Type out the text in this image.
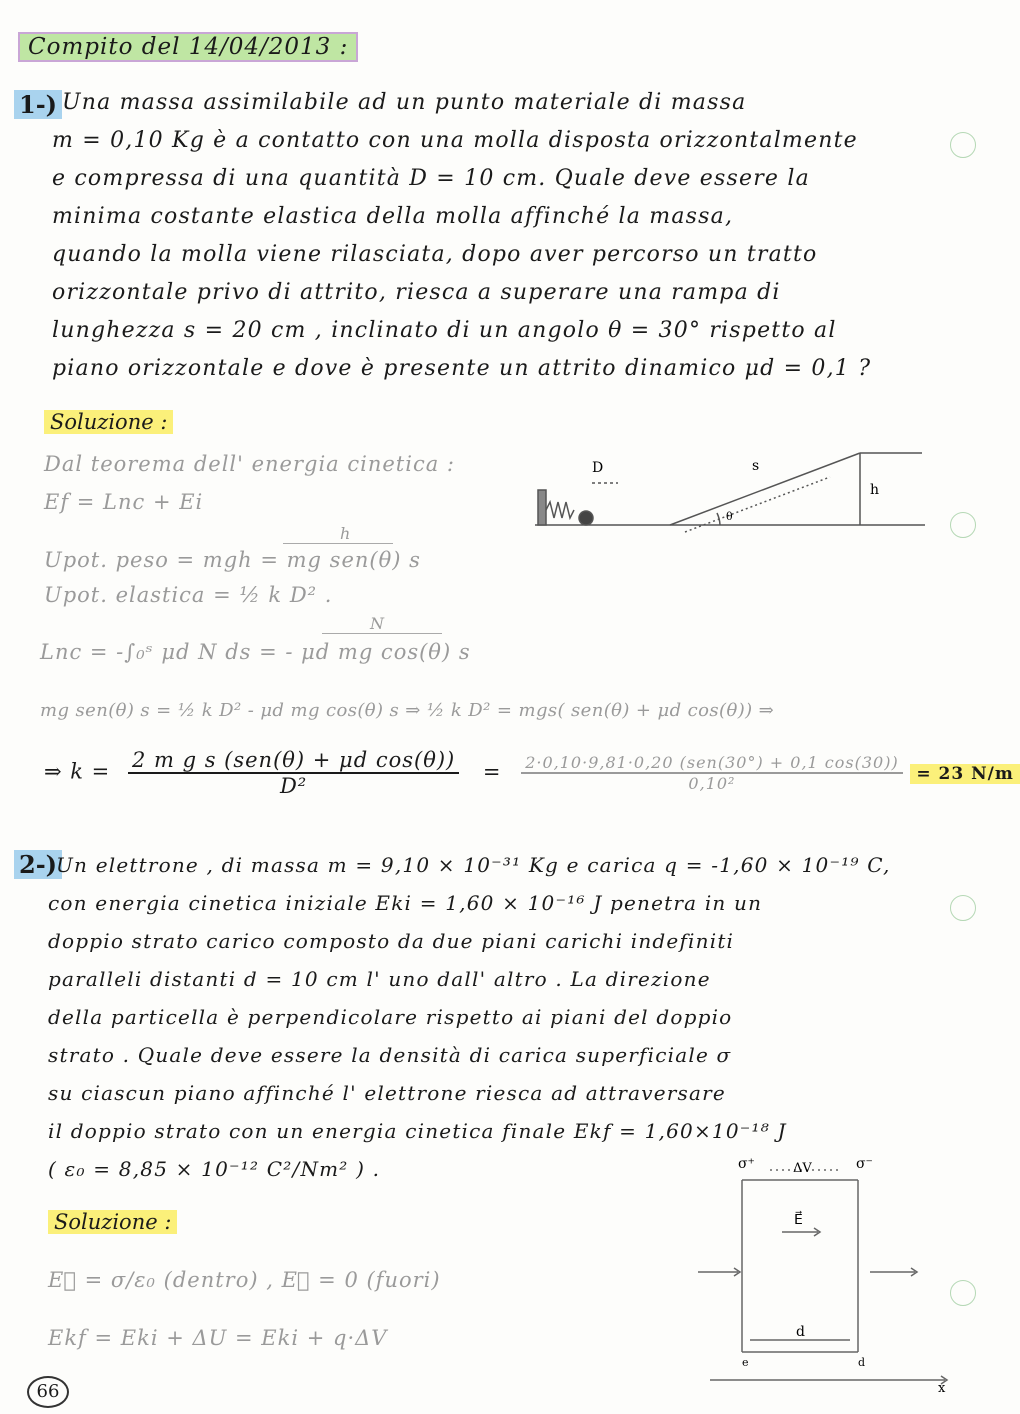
Compito del 14/04/2013 :
1-) Una massa assimilabile ad un punto materiale di massa
m = 0,10 Kg è a contatto con una molla disposta orizzontalmente
e compressa di una quantità D = 10 cm. Quale deve essere la
minima costante elastica della molla affinché la massa,
quando la molla viene rilasciata, dopo aver percorso un tratto
orizzontale privo di attrito, riesca a superare una rampa di
lunghezza s = 20 cm , inclinato di un angolo θ = 30° rispetto al
piano orizzontale e dove è presente un attrito dinamico μd = 0,1 ?
Soluzione :
Dal teorema dell' energia cinetica :
Ef = Lnc + Ei
D	s
h
θ
h
Upot. peso = mgh = mg sen(θ) s
Upot. elastica = ½ k D² .
N
Lnc = -∫₀ˢ μd N ds = - μd mg cos(θ) s
mg sen(θ) s = ½ k D² - μd mg cos(θ) s ⇒ ½ k D² = mgs( sen(θ) + μd cos(θ)) ⇒
⇒ $k = \frac{\text{2 m g s (sen(θ) + μd cos(θ))}}{\text{D²}} = \frac{\text{2·0,10·9,81·0,20 (sen(30°) + 0,1 cos(30))}}{\text{0,10²}} = 23$ N/m
2-)
Un elettrone , di massa m = 9,10 × 10⁻³¹ Kg e carica q = -1,60 × 10⁻¹⁹ C,
con energia cinetica iniziale Eki = 1,60 × 10⁻¹⁶ J penetra in un
doppio strato carico composto da due piani carichi indefiniti
paralleli distanti d = 10 cm l' uno dall' altro . La direzione
della particella è perpendicolare rispetto ai piani del doppio
strato . Quale deve essere la densità di carica superficiale σ
su ciascun piano affinché l' elettrone riesca ad attraversare
il doppio strato con un energia cinetica finale Ekf = 1,60×10⁻¹⁸ J
( ε₀ = 8,85 × 10⁻¹² C²/Nm² ) .
Soluzione :
E⃗ = σ/ε₀ (dentro) , E⃗ = 0 (fuori)
Ekf = Eki + ΔU = Eki + q·ΔV
σ⁺	σ⁻
ΔV
E⃗
d
e	d
x
66
